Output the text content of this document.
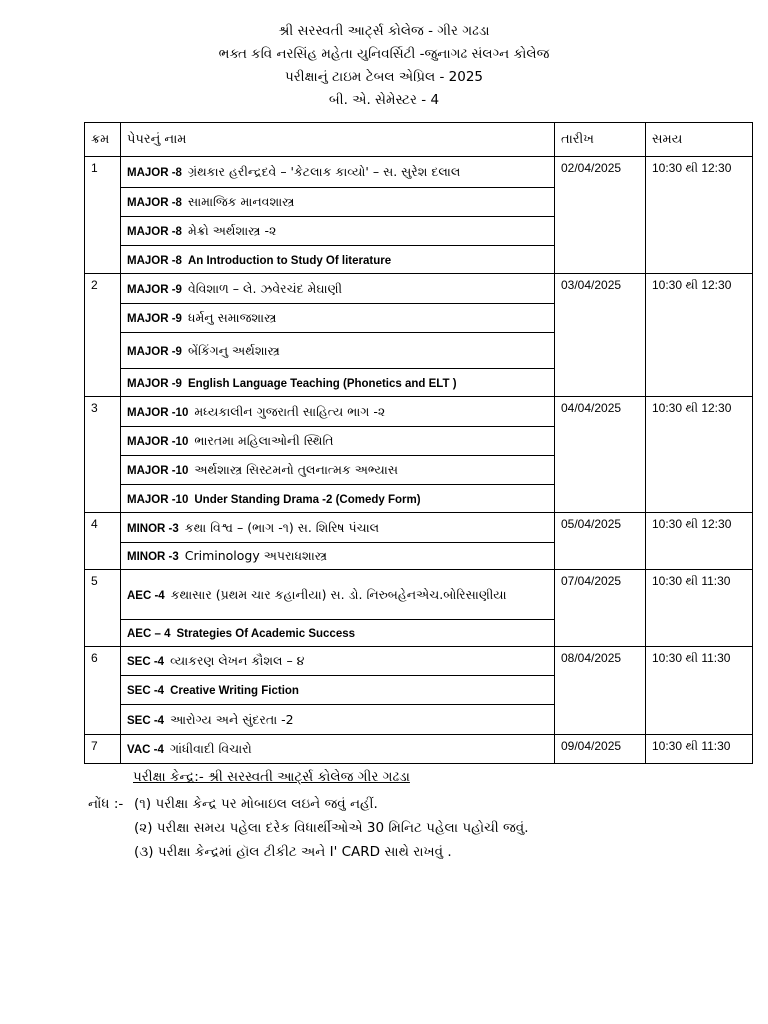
શ્રી સરસ્વતી આર્ટ્સ કોલેજ - ગીર ગઢડા
ભક્ત કવિ નરસિંહ મહેતા યુનિવર્સિટી -જુનાગઢ સંલગ્ન કોલેજ
પરીક્ષાનું ટાઇમ ટેબલ એપ્રિલ - 2025
બી. એ. સેમેસ્ટર - 4
ક્રમ	પેપરનું નામ	તારીખ	સમય
1	MAJOR -8 ગ્રંથકાર હરીન્દ્રદવે – 'કેટલાક કાવ્યો' – સ. સુરેશ દલાલ	02/04/2025	10:30 થી 12:30
	MAJOR -8 સામાજિક માનવશાસ્ત્ર		
	MAJOR -8 મેક્રો અર્થશાસ્ત્ર -૨		
	MAJOR -8 An Introduction to Study Of literature		
2	MAJOR -9 વેવિશાળ – લે. ઝવેરચંદ મેઘાણી	03/04/2025	10:30 થી 12:30
	MAJOR -9 ધર્મનુ સમાજશાસ્ત્ર		
	MAJOR -9 બેંકિંગનુ અર્થશાસ્ત્ર		
	MAJOR -9 English Language Teaching (Phonetics and ELT )		
3	MAJOR -10 મધ્યકાલીન ગુજરાતી સાહિત્ય ભાગ -૨	04/04/2025	10:30 થી 12:30
	MAJOR -10 ભારતમા મહિલાઓની સ્થિતિ		
	MAJOR -10 અર્થશાસ્ત્ર સિસ્ટમનો તુલનાત્મક અભ્યાસ		
	MAJOR -10 Under Standing Drama -2 (Comedy Form)		
4	MINOR -3 કથા વિશ્વ – (ભાગ -૧) સ. શિરિષ પંચાલ	05/04/2025	10:30 થી 12:30
	MINOR -3 Criminology અપરાધશાસ્ત્ર		
5	AEC -4 કથાસાર (પ્રથમ ચાર કહાનીયા) સ. ડો. નિરુબહેનએચ.બોરિસાણીયા	07/04/2025	10:30 થી 11:30
	AEC – 4 Strategies Of Academic Success		
6	SEC -4 વ્યાકરણ લેખન કૌશલ – ૪	08/04/2025	10:30 થી 11:30
	SEC -4 Creative Writing Fiction		
	SEC -4 આરોગ્ય અને સુંદરતા -2		
7	VAC -4 ગાંધીવાદી વિચારો	09/04/2025	10:30 થી 11:30
પરીક્ષા કેન્દ્ર:- શ્રી સરસ્વતી આર્ટ્સ કોલેજ ગીર ગઢડા
નોંધ :- (૧) પરીક્ષા કેન્દ્ર પર મોબાઇલ લઇને જવું નહીં.
(૨) પરીક્ષા સમય પહેલા દરેક વિધાર્થીઓએ 30 મિનિટ પહેલા પહોચી જવું.
(૩) પરીક્ષા કેન્દ્રમાં હૉલ ટીકીટ અને I' CARD સાથે રાખવું .
